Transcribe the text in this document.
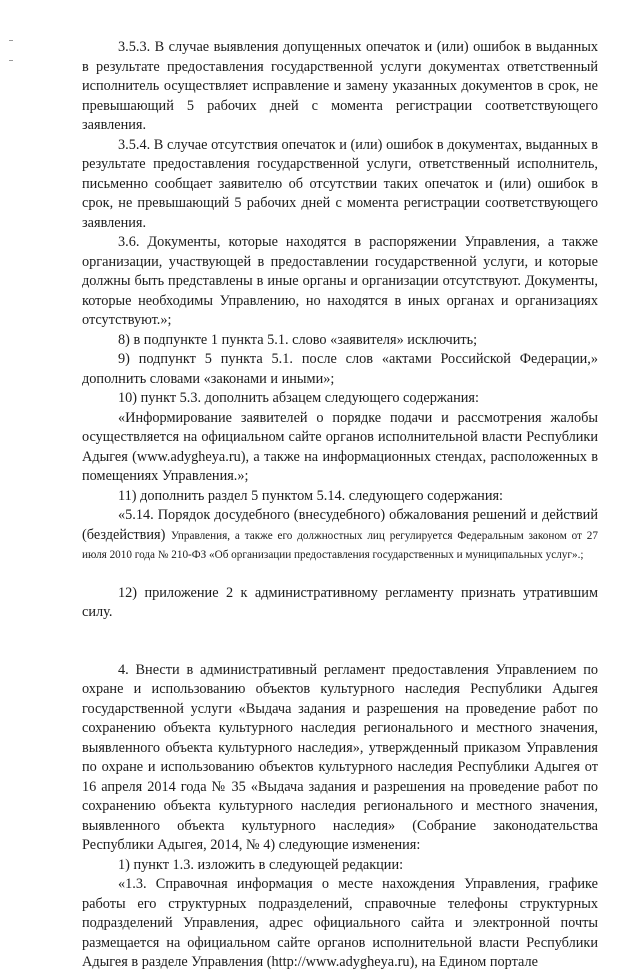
3.5.3. В случае выявления допущенных опечаток и (или) ошибок в выданных в результате предоставления государственной услуги документах ответственный исполнитель осуществляет исправление и замену указанных документов в срок, не превышающий 5 рабочих дней с момента регистрации соответствующего заявления.

3.5.4. В случае отсутствия опечаток и (или) ошибок в документах, выданных в результате предоставления государственной услуги, ответственный исполнитель, письменно сообщает заявителю об отсутствии таких опечаток и (или) ошибок в срок, не превышающий 5 рабочих дней с момента регистрации соответствующего заявления.

3.6. Документы, которые находятся в распоряжении Управления, а также организации, участвующей в предоставлении государственной услуги, и которые должны быть представлены в иные органы и организации отсутствуют. Документы, которые необходимы Управлению, но находятся в иных органах и организациях отсутствуют.»;

8) в подпункте 1 пункта 5.1. слово «заявителя» исключить;

9) подпункт 5 пункта 5.1. после слов «актами Российской Федерации,» дополнить словами «законами и иными»;

10) пункт 5.3. дополнить абзацем следующего содержания:

«Информирование заявителей о порядке подачи и рассмотрения жалобы осуществляется на официальном сайте органов исполнительной власти Республики Адыгея (www.adygheya.ru), а также на информационных стендах, расположенных в помещениях Управления.»;

11) дополнить раздел 5 пунктом 5.14. следующего содержания:

«5.14. Порядок досудебного (внесудебного) обжалования решений и действий (бездействия) Управления, а также его должностных лиц регулируется Федеральным законом от 27 июля 2010 года № 210-ФЗ «Об организации предоставления государственных и муниципальных услуг».;

12) приложение 2 к административному регламенту признать утратившим силу.

4. Внести в административный регламент предоставления Управлением по охране и использованию объектов культурного наследия Республики Адыгея государственной услуги «Выдача задания и разрешения на проведение работ по сохранению объекта культурного наследия регионального и местного значения, выявленного объекта культурного наследия», утвержденный приказом Управления по охране и использованию объектов культурного наследия Республики Адыгея от 16 апреля 2014 года № 35 «Выдача задания и разрешения на проведение работ по сохранению объекта культурного наследия регионального и местного значения, выявленного объекта культурного наследия» (Собрание законодательства Республики Адыгея, 2014, № 4) следующие изменения:

1) пункт 1.3. изложить в следующей редакции:

«1.3. Справочная информация о месте нахождения Управления, графике работы его структурных подразделений, справочные телефоны структурных подразделений Управления, адрес официального сайта и электронной почты размещается на официальном сайте органов исполнительной власти Республики Адыгея в разделе Управления (http://www.adygheya.ru), на Едином портале
